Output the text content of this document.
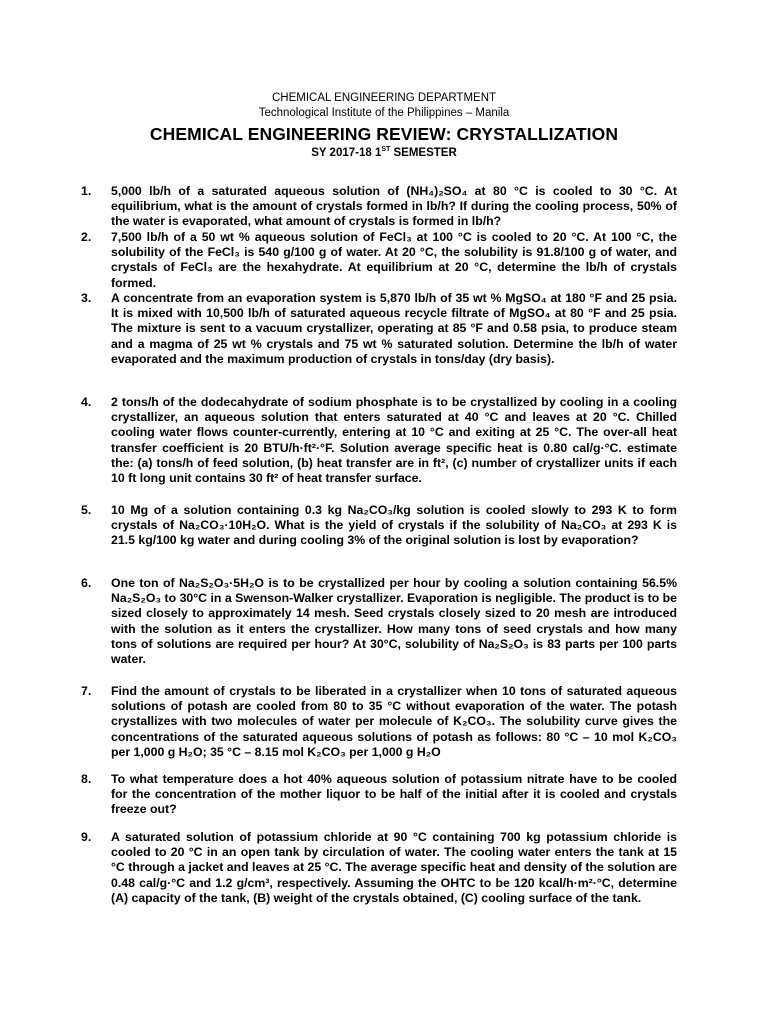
CHEMICAL ENGINEERING DEPARTMENT
Technological Institute of the Philippines – Manila
CHEMICAL ENGINEERING REVIEW: CRYSTALLIZATION
SY 2017-18 1ST SEMESTER
1.	5,000 lb/h of a saturated aqueous solution of (NH₄)₂SO₄ at 80 °C is cooled to 30 °C. At equilibrium, what is the amount of crystals formed in lb/h? If during the cooling process, 50% of the water is evaporated, what amount of crystals is formed in lb/h?
2.	7,500 lb/h of a 50 wt % aqueous solution of FeCl₃ at 100 °C is cooled to 20 °C. At 100 °C, the solubility of the FeCl₃ is 540 g/100 g of water. At 20 °C, the solubility is 91.8/100 g of water, and crystals of FeCl₃ are the hexahydrate. At equilibrium at 20 °C, determine the lb/h of crystals formed.
3.	A concentrate from an evaporation system is 5,870 lb/h of 35 wt % MgSO₄ at 180 °F and 25 psia. It is mixed with 10,500 lb/h of saturated aqueous recycle filtrate of MgSO₄ at 80 °F and 25 psia. The mixture is sent to a vacuum crystallizer, operating at 85 °F and 0.58 psia, to produce steam and a magma of 25 wt % crystals and 75 wt % saturated solution. Determine the lb/h of water evaporated and the maximum production of crystals in tons/day (dry basis).
4.	2 tons/h of the dodecahydrate of sodium phosphate is to be crystallized by cooling in a cooling crystallizer, an aqueous solution that enters saturated at 40 °C and leaves at 20 °C. Chilled cooling water flows counter-currently, entering at 10 °C and exiting at 25 °C. The over-all heat transfer coefficient is 20 BTU/h·ft²·°F. Solution average specific heat is 0.80 cal/g·°C. estimate the: (a) tons/h of feed solution, (b) heat transfer are in ft², (c) number of crystallizer units if each 10 ft long unit contains 30 ft² of heat transfer surface.
5.	10 Mg of a solution containing 0.3 kg Na₂CO₃/kg solution is cooled slowly to 293 K to form crystals of Na₂CO₃·10H₂O. What is the yield of crystals if the solubility of Na₂CO₃ at 293 K is 21.5 kg/100 kg water and during cooling 3% of the original solution is lost by evaporation?
6.	One ton of Na₂S₂O₃·5H₂O is to be crystallized per hour by cooling a solution containing 56.5% Na₂S₂O₃ to 30°C in a Swenson-Walker crystallizer. Evaporation is negligible. The product is to be sized closely to approximately 14 mesh. Seed crystals closely sized to 20 mesh are introduced with the solution as it enters the crystallizer. How many tons of seed crystals and how many tons of solutions are required per hour? At 30°C, solubility of Na₂S₂O₃ is 83 parts per 100 parts water.
7.	Find the amount of crystals to be liberated in a crystallizer when 10 tons of saturated aqueous solutions of potash are cooled from 80 to 35 °C without evaporation of the water. The potash crystallizes with two molecules of water per molecule of K₂CO₃. The solubility curve gives the concentrations of the saturated aqueous solutions of potash as follows: 80 °C – 10 mol K₂CO₃ per 1,000 g H₂O; 35 °C – 8.15 mol K₂CO₃ per 1,000 g H₂O
8.	To what temperature does a hot 40% aqueous solution of potassium nitrate have to be cooled for the concentration of the mother liquor to be half of the initial after it is cooled and crystals freeze out?
9.	A saturated solution of potassium chloride at 90 °C containing 700 kg potassium chloride is cooled to 20 °C in an open tank by circulation of water. The cooling water enters the tank at 15 °C through a jacket and leaves at 25 °C. The average specific heat and density of the solution are 0.48 cal/g·°C and 1.2 g/cm³, respectively. Assuming the OHTC to be 120 kcal/h·m²·°C, determine (A) capacity of the tank, (B) weight of the crystals obtained, (C) cooling surface of the tank.
